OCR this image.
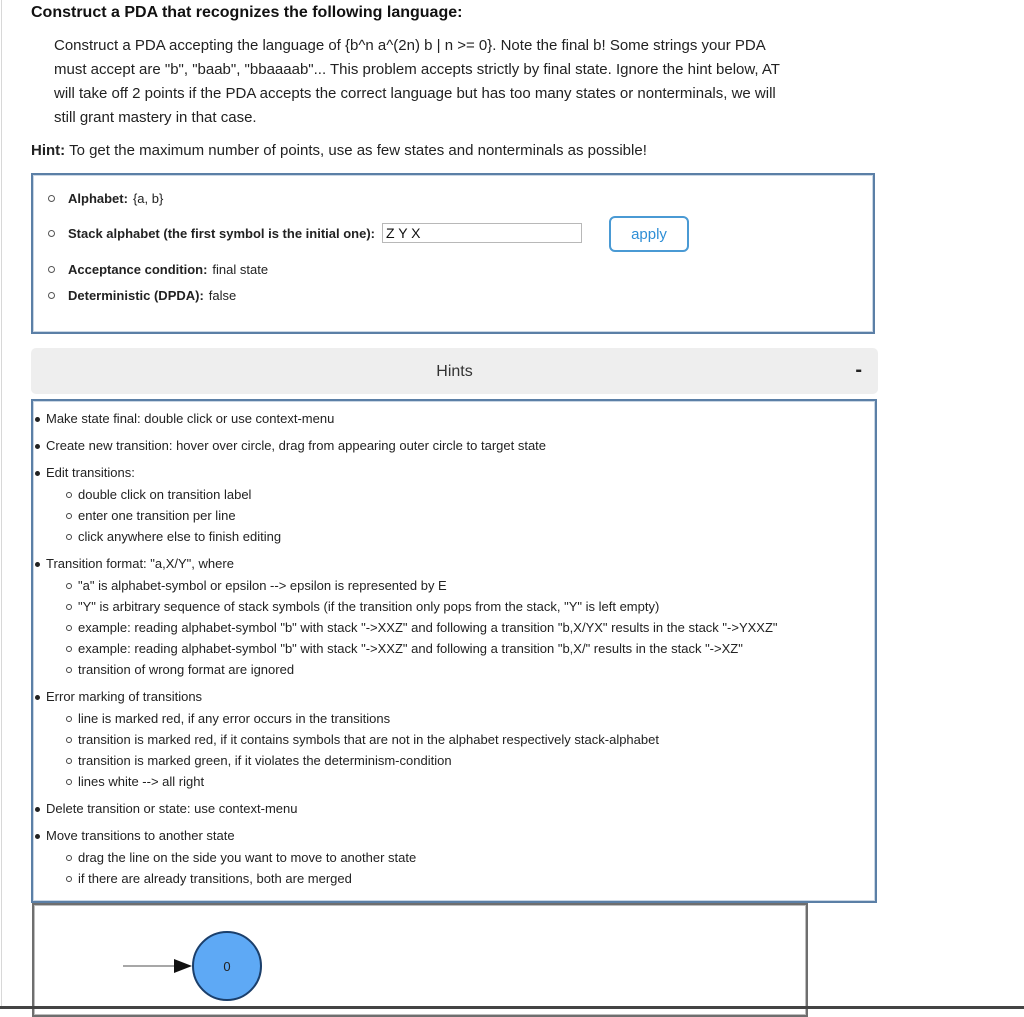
Construct a PDA that recognizes the following language:
Construct a PDA accepting the language of {b^n a^(2n) b | n >= 0}. Note the final b! Some strings your PDA
must accept are "b", "baab", "bbaaaab"... This problem accepts strictly by final state. Ignore the hint below, AT
will take off 2 points if the PDA accepts the correct language but has too many states or nonterminals, we will
still grant mastery in that case.
Hint: To get the maximum number of points, use as few states and nonterminals as possible!
Alphabet: {a, b}
Stack alphabet (the first symbol is the initial one):
Z Y X	apply
Acceptance condition: final state
Deterministic (DPDA): false
Hints	-
Make state final: double click or use context-menu
Create new transition: hover over circle, drag from appearing outer circle to target state
Edit transitions:
double click on transition label
enter one transition per line
click anywhere else to finish editing
Transition format: "a,X/Y", where
"a" is alphabet-symbol or epsilon --> epsilon is represented by E
"Y" is arbitrary sequence of stack symbols (if the transition only pops from the stack, "Y" is left empty)
example: reading alphabet-symbol "b" with stack "->XXZ" and following a transition "b,X/YX" results in the stack "->YXXZ"
example: reading alphabet-symbol "b" with stack "->XXZ" and following a transition "b,X/" results in the stack "->XZ"
transition of wrong format are ignored
Error marking of transitions
line is marked red, if any error occurs in the transitions
transition is marked red, if it contains symbols that are not in the alphabet respectively stack-alphabet
transition is marked green, if it violates the determinism-condition
lines white --> all right
Delete transition or state: use context-menu
Move transitions to another state
drag the line on the side you want to move to another state
if there are already transitions, both are merged
0
